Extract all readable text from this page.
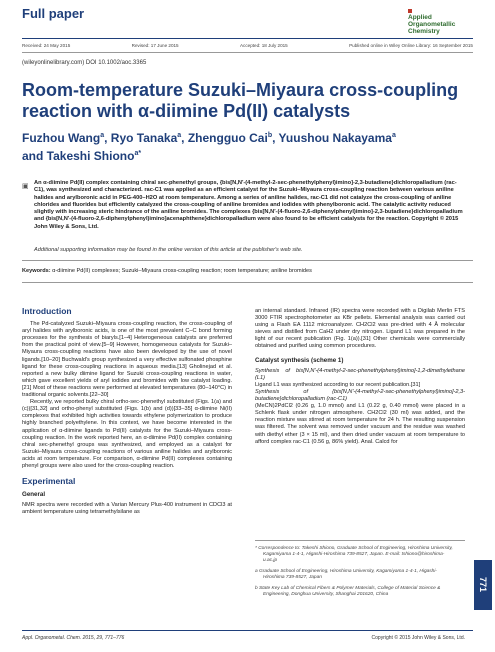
Full paper	Applied
Organometallic
Chemistry
Received: 24 May 2015	Revised: 17 June 2015	Accepted: 18 July 2015	Published online in Wiley Online Library: 16 September 2015
(wileyonlinelibrary.com) DOI 10.1002/aoc.3365
Room-temperature Suzuki–Miyaura cross-coupling reaction with α-diimine Pd(II) catalysts
Fuzhou Wang$^a$, Ryo Tanaka$^a$, Zhengguo Cai$^b$, Yuushou Nakayama$^a$
and Takeshi Shiono$^{a*}$
▣ An α-diimine Pd(II) complex containing chiral sec-phenethyl groups, {bis[N,N′-(4-methyl-2-sec-phenethylphenyl)imino]-2,3-butadiene}dichloropalladium (rac-C1), was synthesized and characterized. rac-C1 was applied as an efficient catalyst for the Suzuki–Miyaura cross-coupling reaction between various aniline halides and arylboronic acid in PEG-400–H2O at room temperature. Among a series of aniline halides, rac-C1 did not catalyze the cross-coupling of aniline chlorides and fluorides but efficiently catalyzed the cross-coupling of aniline bromides and iodides with phenylboronic acid. The catalytic activity reduced slightly with increasing steric hindrance of the aniline bromides. The complexes {bis[N,N′-(4-fluoro-2,6-diphenylphenyl)imino]-2,3-butadiene}dichloropalladium and {bis[N,N′-(4-fluoro-2,6-diphenylphenyl)imino]acenaphthene}dichloropalladium were also found to be efficient catalysts for the reaction. Copyright © 2015 John Wiley & Sons, Ltd.
Additional supporting information may be found in the online version of this article at the publisher's web site.
Keywords: α-diimine Pd(II) complexes; Suzuki–Miyaura cross-coupling reaction; room temperature; aniline bromides
Introduction

The Pd-catalyzed Suzuki–Miyaura cross-coupling reaction, the cross-coupling of aryl halides with arylboronic acids, is one of the most prevalent C–C bond forming processes for the synthesis of biaryls.[1–4] Heterogeneous catalysts are preferred from the practical point of view.[5–9] However, homogeneous catalysts for Suzuki–Miyaura cross-coupling reactions have also been developed by the use of novel ligands.[10–20] Buchwald's group synthesized a very effective sulfonated phosphine ligand for these cross-coupling reactions in aqueous media.[13] Gholinejad et al. reported a new bulky diimine ligand for Suzuki cross-coupling reactions in water, which gave excellent yields of aryl iodides and bromides with low catalyst loading.[21] Most of these reactions were performed at elevated temperatures (80–140°C) in traditional organic solvents.[22–30]

Recently, we reported bulky chiral ortho-sec-phenethyl substituted (Figs. 1(a) and (c))[31,32] and ortho-phenyl substituted (Figs. 1(b) and (d))[33–35] α-diimine Ni(II) complexes that exhibited high activities towards ethylene polymerization to produce highly branched polyethylene. In this context, we have become interested in the application of α-diimine ligands to Pd(II) catalysts for the Suzuki–Miyaura cross-coupling reaction. In the work reported here, an α-diimine Pd(II) complex containing chiral sec-phenethyl groups was synthesized, and employed as a catalyst for Suzuki–Miyaura cross-coupling reactions of various aniline halides and arylboronic acids at room temperature. For comparison, α-diimine Pd(II) complexes containing phenyl groups were also used for the cross-coupling reaction.

Experimental
General

NMR spectra were recorded with a Varian Mercury Plus-400 instrument in CDCl3 at ambient temperature using tetramethylsilane as

an internal standard. Infrared (IR) spectra were recorded with a Digilab Merlin FTS 3000 FTIR spectrophotometer as KBr pellets. Elemental analysis was carried out using a Flash EA 1112 microanalyzer. CH2Cl2 was pre-dried with 4 Å molecular sieves and distilled from CaH2 under dry nitrogen. Ligand L1 was prepared in the light of our recent publication (Fig. 1(a)).[31] Other chemicals were commercially obtained and purified using common procedures.

Catalyst synthesis (scheme 1)

Synthesis of bis[N,N′-(4-methyl-2-sec-phenethylphenyl)imino]-1,2-dimethylethane (L1)

Ligand L1 was synthesized according to our recent publication.[31]

Synthesis of {bis[N,N′-(4-methyl-2-sec-phenethylphenyl)imino]-2,3-butadiene}dichloropalladium (rac-C1)

(MeCN)2PdCl2 (0.26 g, 1.0 mmol) and L1 (0.22 g, 0.40 mmol) were placed in a Schlenk flask under nitrogen atmosphere. CH2Cl2 (30 ml) was added, and the reaction mixture was stirred at room temperature for 24 h. The resulting suspension was filtered. The solvent was removed under vacuum and the residue was washed with diethyl ether (3 × 15 ml), and then dried under vacuum at room temperature to afford complex rac-C1 (0.56 g, 86% yield). Anal. Calcd for

* Correspondence to: Takeshi Shiono, Graduate School of Engineering, Hiroshima University, Kagamiyama 1-4-1, Higashi-Hiroshima 739-8527, Japan. E-mail: tshiono@hiroshima-u.ac.jp
a Graduate School of Engineering, Hiroshima University, Kagamiyama 1-4-1, Higashi-Hiroshima 739-8527, Japan
b State Key Lab of Chemical Fibers & Polymer Materials, College of Material Science & Engineering, Donghua University, Shanghai 201620, China
771
Appl. Organometal. Chem. 2015, 29, 771–776	Copyright © 2015 John Wiley & Sons, Ltd.
